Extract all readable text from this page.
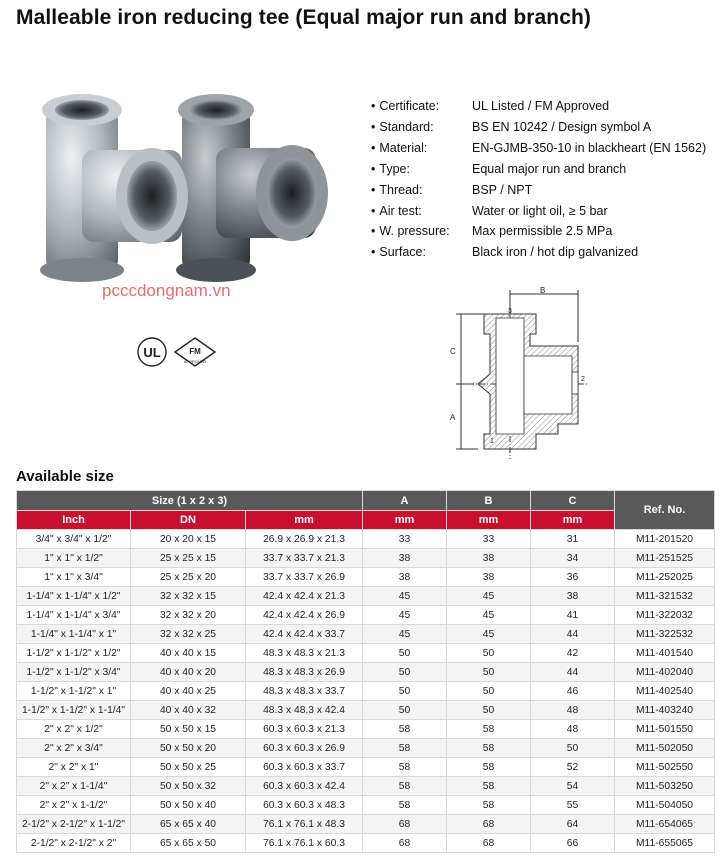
Malleable iron reducing tee (Equal major run and branch)
pcccdongnam.vn
UL	FM
APPROVED
• Certificate:	UL Listed / FM Approved
• Standard:	BS EN 10242 / Design symbol A
• Material:	EN-GJMB-350-10 in blackheart (EN 1562)
• Type:	Equal major run and branch
• Thread:	BSP / NPT
• Air test:	Water or light oil, ≥ 5 bar
• W. pressure:	Max permissible 2.5 MPa
• Surface:	Black iron / hot dip galvanized
B
C
A
3
2
1
Available size
Size (1 x 2 x 3)			A	B	C	Ref. No.
Inch	DN	mm	mm	mm	mm	
3/4" x 3/4" x 1/2"	20 x 20 x 15	26.9 x 26.9 x 21.3	33	33	31	M11-201520
1" x 1" x 1/2"	25 x 25 x 15	33.7 x 33.7 x 21.3	38	38	34	M11-251525
1" x 1" x 3/4"	25 x 25 x 20	33.7 x 33.7 x 26.9	38	38	36	M11-252025
1-1/4" x 1-1/4" x 1/2"	32 x 32 x 15	42.4 x 42.4 x 21.3	45	45	38	M11-321532
1-1/4" x 1-1/4" x 3/4"	32 x 32 x 20	42.4 x 42.4 x 26.9	45	45	41	M11-322032
1-1/4" x 1-1/4" x 1"	32 x 32 x 25	42.4 x 42.4 x 33.7	45	45	44	M11-322532
1-1/2" x 1-1/2" x 1/2"	40 x 40 x 15	48.3 x 48.3 x 21.3	50	50	42	M11-401540
1-1/2" x 1-1/2" x 3/4"	40 x 40 x 20	48.3 x 48.3 x 26.9	50	50	44	M11-402040
1-1/2" x 1-1/2" x 1"	40 x 40 x 25	48.3 x 48.3 x 33.7	50	50	46	M11-402540
1-1/2" x 1-1/2" x 1-1/4"	40 x 40 x 32	48.3 x 48.3 x 42.4	50	50	48	M11-403240
2" x 2" x 1/2"	50 x 50 x 15	60.3 x 60.3 x 21.3	58	58	48	M11-501550
2" x 2" x 3/4"	50 x 50 x 20	60.3 x 60.3 x 26.9	58	58	50	M11-502050
2" x 2" x 1"	50 x 50 x 25	60.3 x 60.3 x 33.7	58	58	52	M11-502550
2" x 2" x 1-1/4"	50 x 50 x 32	60.3 x 60.3 x 42.4	58	58	54	M11-503250
2" x 2" x 1-1/2"	50 x 50 x 40	60.3 x 60.3 x 48.3	58	58	55	M11-504050
2-1/2" x 2-1/2" x 1-1/2"	65 x 65 x 40	76.1 x 76.1 x 48.3	68	68	64	M11-654065
2-1/2" x 2-1/2" x 2"	65 x 65 x 50	76.1 x 76.1 x 60.3	68	68	66	M11-655065
